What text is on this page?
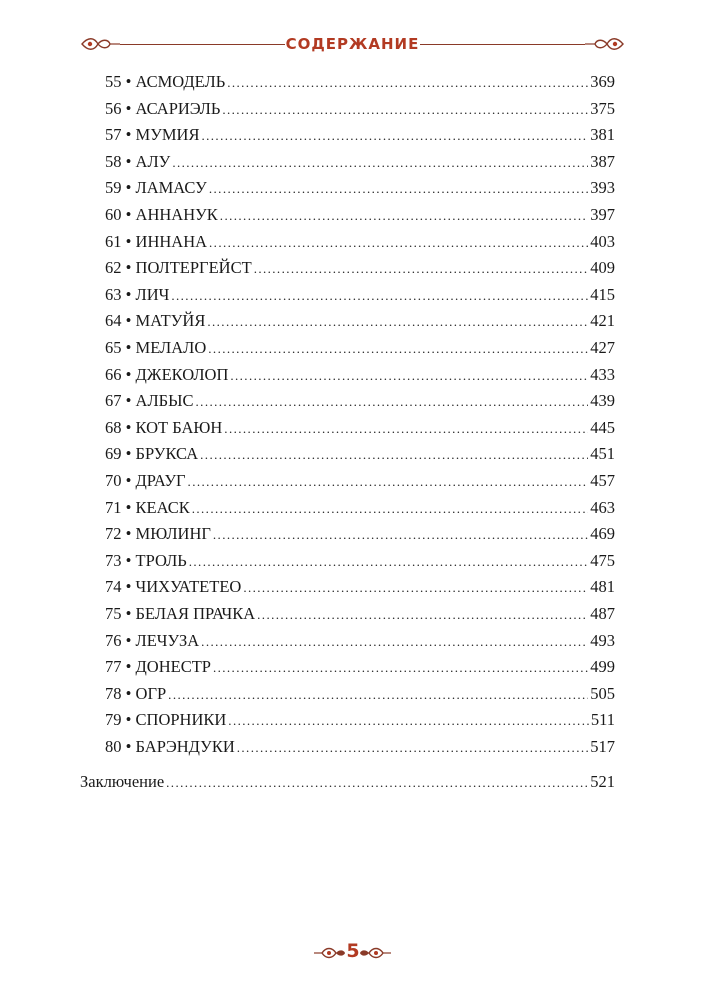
СОДЕРЖАНИЕ
55 • АСМОДЕЛЬ .....	369
56 • АСАРИЭЛЬ .....	375
57 • МУМИЯ .....	381
58 • АЛУ .....	387
59 • ЛАМАСУ .....	393
60 • АННАНУК .....	397
61 • ИННАНА .....	403
62 • ПОЛТЕРГЕЙСТ .....	409
63 • ЛИЧ .....	415
64 • МАТУЙЯ .....	421
65 • МЕЛАЛО .....	427
66 • ДЖЕКОЛОП .....	433
67 • АЛБЫС .....	439
68 • КОТ БАЮН .....	445
69 • БРУКСА .....	451
70 • ДРАУГ .....	457
71 • КЕАСК .....	463
72 • МЮЛИНГ .....	469
73 • ТРОЛЬ .....	475
74 • ЧИХУАТЕТЕО .....	481
75 • БЕЛАЯ ПРАЧКА .....	487
76 • ЛЕЧУЗА .....	493
77 • ДОНЕСТР .....	499
78 • ОГР .....	505
79 • СПОРНИКИ .....	511
80 • БАРЭНДУКИ .....	517
Заключение .....	521
5
